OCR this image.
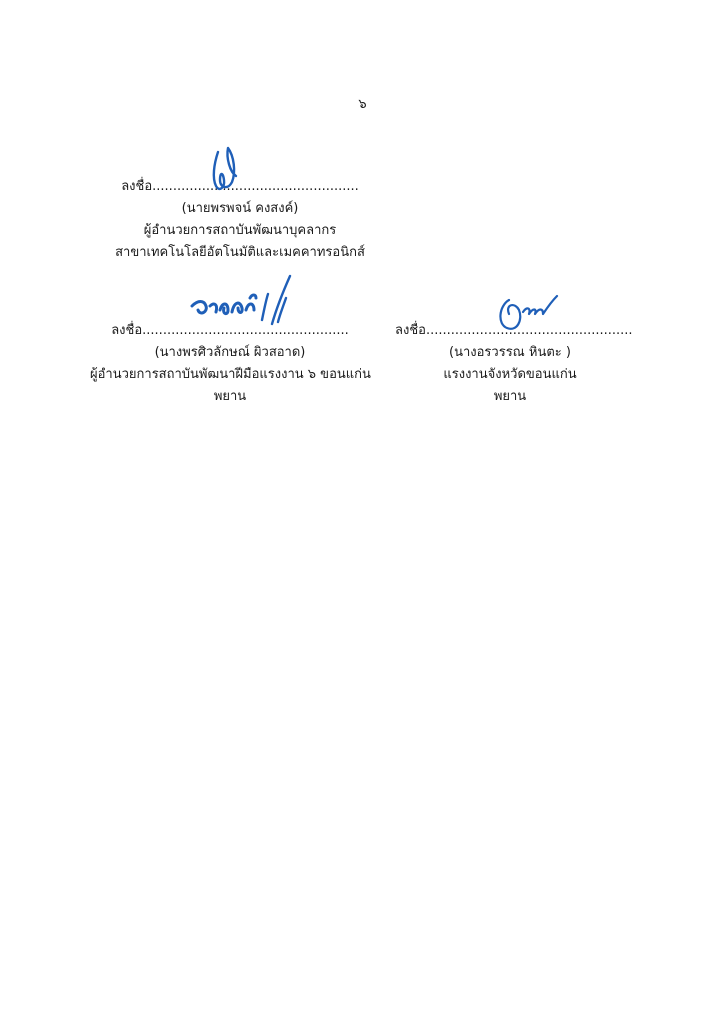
๖
ลงชื่อ..................................................
(นายพรพจน์ คงสงค์)
ผู้อำนวยการสถาบันพัฒนาบุคลากร
สาขาเทคโนโลยีอัตโนมัติและเมคคาทรอนิกส์
ลงชื่อ..................................................
(นางพรศิวลักษณ์ ผิวสอาด)
ผู้อำนวยการสถาบันพัฒนาฝีมือแรงงาน ๖ ขอนแก่น
พยาน
ลงชื่อ..................................................
(นางอรวรรณ หินตะ )
แรงงานจังหวัดขอนแก่น
พยาน
